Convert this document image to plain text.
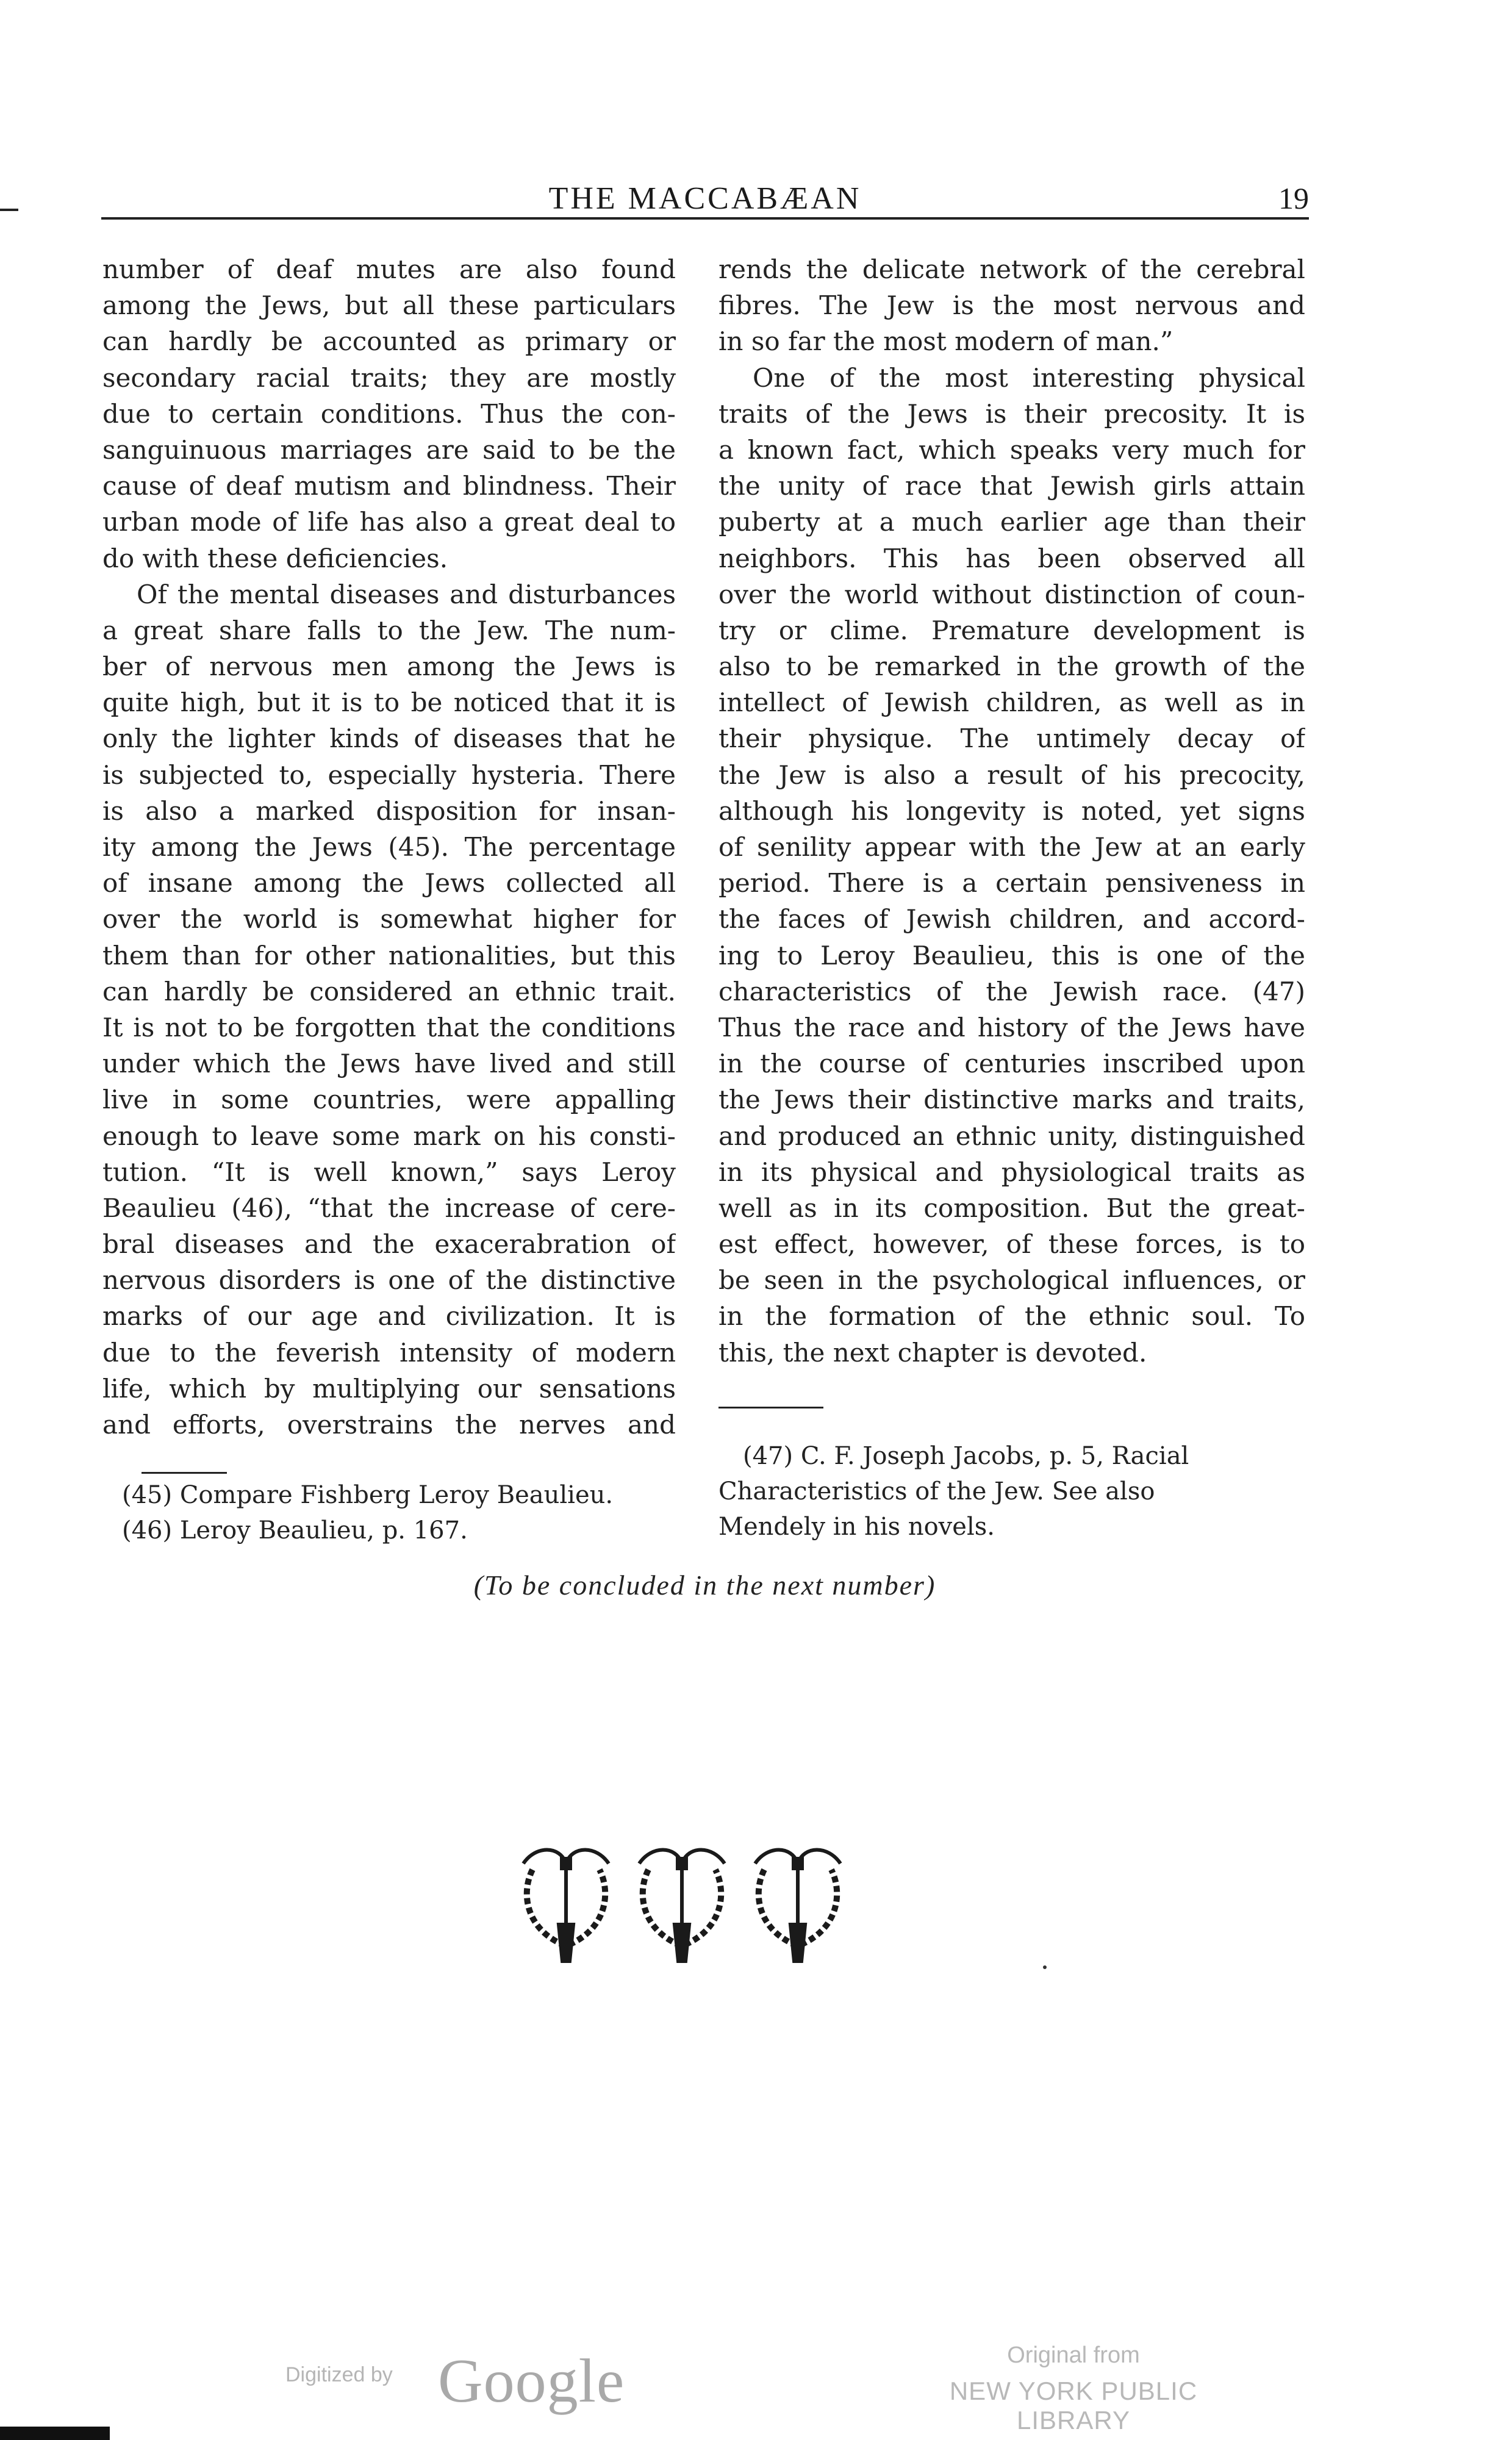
THE MACCABÆAN	19
number of deaf mutes are also found
among the Jews, but all these particulars
can hardly be accounted as primary or
secondary racial traits; they are mostly
due to certain conditions. Thus the con-
sanguinuous marriages are said to be the
cause of deaf mutism and blindness. Their
urban mode of life has also a great deal to
do with these deficiencies.
Of the mental diseases and disturbances
a great share falls to the Jew. The num-
ber of nervous men among the Jews is
quite high, but it is to be noticed that it is
only the lighter kinds of diseases that he
is subjected to, especially hysteria. There
is also a marked disposition for insan-
ity among the Jews (45). The percentage
of insane among the Jews collected all
over the world is somewhat higher for
them than for other nationalities, but this
can hardly be considered an ethnic trait.
It is not to be forgotten that the conditions
under which the Jews have lived and still
live in some countries, were appalling
enough to leave some mark on his consti-
tution. “It is well known,” says Leroy
Beaulieu (46), “that the increase of cere-
bral diseases and the exacerabration of
nervous disorders is one of the distinctive
marks of our age and civilization. It is
due to the feverish intensity of modern
life, which by multiplying our sensations
and efforts, overstrains the nerves and
rends the delicate network of the cerebral
fibres. The Jew is the most nervous and
in so far the most modern of man.”
One of the most interesting physical
traits of the Jews is their precosity. It is
a known fact, which speaks very much for
the unity of race that Jewish girls attain
puberty at a much earlier age than their
neighbors. This has been observed all
over the world without distinction of coun-
try or clime. Premature development is
also to be remarked in the growth of the
intellect of Jewish children, as well as in
their physique. The untimely decay of
the Jew is also a result of his precocity,
although his longevity is noted, yet signs
of senility appear with the Jew at an early
period. There is a certain pensiveness in
the faces of Jewish children, and accord-
ing to Leroy Beaulieu, this is one of the
characteristics of the Jewish race. (47)
Thus the race and history of the Jews have
in the course of centuries inscribed upon
the Jews their distinctive marks and traits,
and produced an ethnic unity, distinguished
in its physical and physiological traits as
well as in its composition. But the great-
est effect, however, of these forces, is to
be seen in the psychological influences, or
in the formation of the ethnic soul. To
this, the next chapter is devoted.
(45) Compare Fishberg Leroy Beaulieu.
(46) Leroy Beaulieu, p. 167.
(47) C. F. Joseph Jacobs, p. 5, Racial
Characteristics of the Jew. See also
Mendely in his novels.
(To be concluded in the next number)
Digitized by Google	Original from
NEW YORK PUBLIC LIBRARY
